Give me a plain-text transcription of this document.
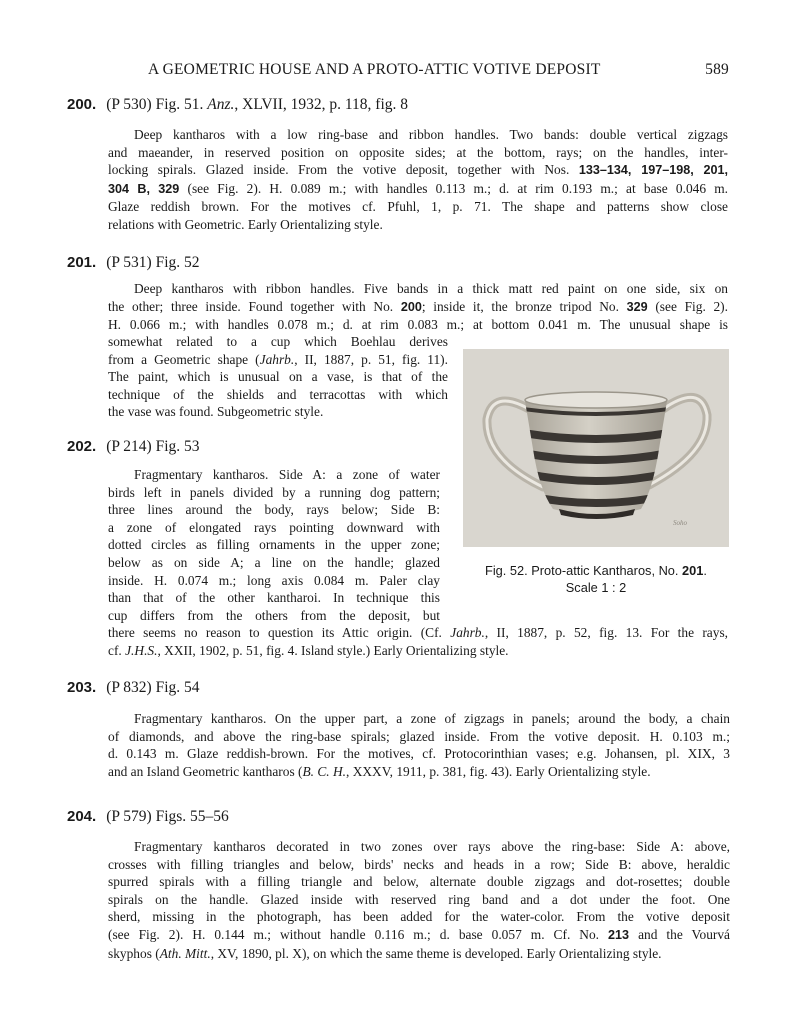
A GEOMETRIC HOUSE AND A PROTO-ATTIC VOTIVE DEPOSIT	589
200. (P 530) Fig. 51. Anz., XLVII, 1932, p. 118, fig. 8
Deep kantharos with a low ring-base and ribbon handles. Two bands: double vertical zigzags
and maeander, in reserved position on opposite sides; at the bottom, rays; on the handles, inter-
locking spirals. Glazed inside. From the votive deposit, together with Nos. 133–134, 197–198, 201,
304 B, 329 (see Fig. 2). H. 0.089 m.; with handles 0.113 m.; d. at rim 0.193 m.; at base 0.046 m.
Glaze reddish brown. For the motives cf. Pfuhl, 1, p. 71. The shape and patterns show close
relations with Geometric. Early Orientalizing style.
201. (P 531) Fig. 52
Deep kantharos with ribbon handles. Five bands in a thick matt red paint on one side, six on
the other; three inside. Found together with No. 200; inside it, the bronze tripod No. 329 (see Fig. 2).
H. 0.066 m.; with handles 0.078 m.; d. at rim 0.083 m.; at bottom 0.041 m. The unusual shape is
somewhat related to a cup which Boehlau derives
from a Geometric shape (Jahrb., II, 1887, p. 51, fig. 11).
The paint, which is unusual on a vase, is that of the
technique of the shields and terracottas with which
the vase was found. Subgeometric style.
202. (P 214) Fig. 53
Fragmentary kantharos. Side A: a zone of water
birds left in panels divided by a running dog pattern;
three lines around the body, rays below; Side B:
a zone of elongated rays pointing downward with
dotted circles as filling ornaments in the upper zone;
below as on side A; a line on the handle; glazed
inside. H. 0.074 m.; long axis 0.084 m. Paler clay
than that of the other kantharoi. In technique this
cup differs from the others from the deposit, but
there seems no reason to question its Attic origin. (Cf. Jahrb., II, 1887, p. 52, fig. 13. For the rays,
cf. J.H.S., XXII, 1902, p. 51, fig. 4. Island style.) Early Orientalizing style.
Soho
Fig. 52. Proto-attic Kantharos, No. 201.
Scale 1 : 2
203. (P 832) Fig. 54
Fragmentary kantharos. On the upper part, a zone of zigzags in panels; around the body, a chain
of diamonds, and above the ring-base spirals; glazed inside. From the votive deposit. H. 0.103 m.;
d. 0.143 m. Glaze reddish-brown. For the motives, cf. Protocorinthian vases; e.g. Johansen, pl. XIX, 3
and an Island Geometric kantharos (B. C. H., XXXV, 1911, p. 381, fig. 43). Early Orientalizing style.
204. (P 579) Figs. 55–56
Fragmentary kantharos decorated in two zones over rays above the ring-base: Side A: above,
crosses with filling triangles and below, birds' necks and heads in a row; Side B: above, heraldic
spurred spirals with a filling triangle and below, alternate double zigzags and dot-rosettes; double
spirals on the handle. Glazed inside with reserved ring band and a dot under the foot. One
sherd, missing in the photograph, has been added for the water-color. From the votive deposit
(see Fig. 2). H. 0.144 m.; without handle 0.116 m.; d. base 0.057 m. Cf. No. 213 and the Vourvá
skyphos (Ath. Mitt., XV, 1890, pl. X), on which the same theme is developed. Early Orientalizing style.
